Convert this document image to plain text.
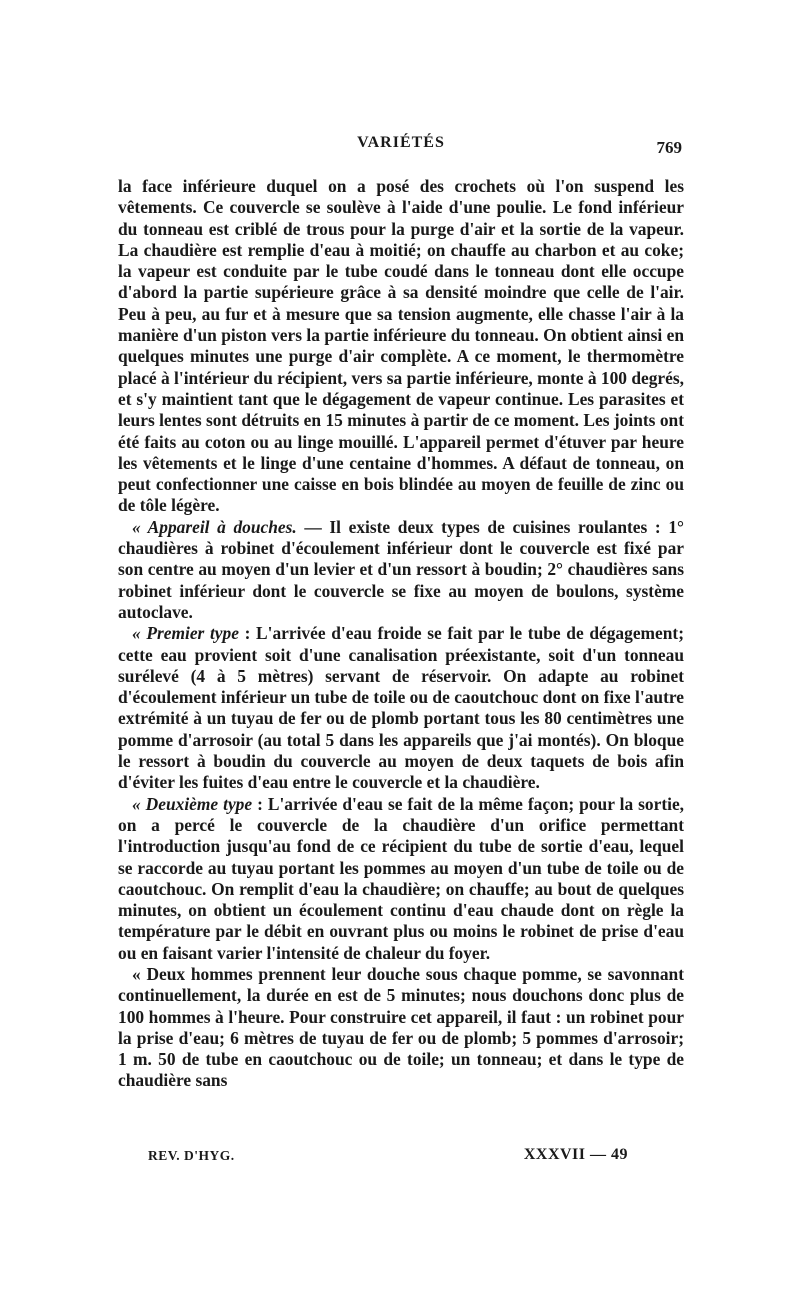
VARIÉTÉS	769

la face inférieure duquel on a posé des crochets où l'on suspend les vêtements. Ce couvercle se soulève à l'aide d'une poulie. Le fond inférieur du tonneau est criblé de trous pour la purge d'air et la sortie de la vapeur. La chaudière est remplie d'eau à moitié; on chauffe au charbon et au coke; la vapeur est conduite par le tube coudé dans le tonneau dont elle occupe d'abord la partie supérieure grâce à sa densité moindre que celle de l'air. Peu à peu, au fur et à mesure que sa tension augmente, elle chasse l'air à la manière d'un piston vers la partie inférieure du tonneau. On obtient ainsi en quelques minutes une purge d'air complète. A ce moment, le thermomètre placé à l'intérieur du récipient, vers sa partie inférieure, monte à 100 degrés, et s'y maintient tant que le dégagement de vapeur continue. Les parasites et leurs lentes sont détruits en 15 minutes à partir de ce moment. Les joints ont été faits au coton ou au linge mouillé. L'appareil permet d'étuver par heure les vêtements et le linge d'une centaine d'hommes. A défaut de tonneau, on peut confectionner une caisse en bois blindée au moyen de feuille de zinc ou de tôle légère.

« Appareil à douches. — Il existe deux types de cuisines roulantes : 1° chaudières à robinet d'écoulement inférieur dont le couvercle est fixé par son centre au moyen d'un levier et d'un ressort à boudin; 2° chaudières sans robinet inférieur dont le couvercle se fixe au moyen de boulons, système autoclave.

« Premier type : L'arrivée d'eau froide se fait par le tube de dégagement; cette eau provient soit d'une canalisation préexistante, soit d'un tonneau surélevé (4 à 5 mètres) servant de réservoir. On adapte au robinet d'écoulement inférieur un tube de toile ou de caoutchouc dont on fixe l'autre extrémité à un tuyau de fer ou de plomb portant tous les 80 centimètres une pomme d'arrosoir (au total 5 dans les appareils que j'ai montés). On bloque le ressort à boudin du couvercle au moyen de deux taquets de bois afin d'éviter les fuites d'eau entre le couvercle et la chaudière.

« Deuxième type : L'arrivée d'eau se fait de la même façon; pour la sortie, on a percé le couvercle de la chaudière d'un orifice permettant l'introduction jusqu'au fond de ce récipient du tube de sortie d'eau, lequel se raccorde au tuyau portant les pommes au moyen d'un tube de toile ou de caoutchouc. On remplit d'eau la chaudière; on chauffe; au bout de quelques minutes, on obtient un écoulement continu d'eau chaude dont on règle la température par le débit en ouvrant plus ou moins le robinet de prise d'eau ou en faisant varier l'intensité de chaleur du foyer.

« Deux hommes prennent leur douche sous chaque pomme, se savonnant continuellement, la durée en est de 5 minutes; nous douchons donc plus de 100 hommes à l'heure. Pour construire cet appareil, il faut : un robinet pour la prise d'eau; 6 mètres de tuyau de fer ou de plomb; 5 pommes d'arrosoir; 1 m. 50 de tube en caoutchouc ou de toile; un tonneau; et dans le type de chaudière sans

REV. D'HYG.	XXXVII — 49
